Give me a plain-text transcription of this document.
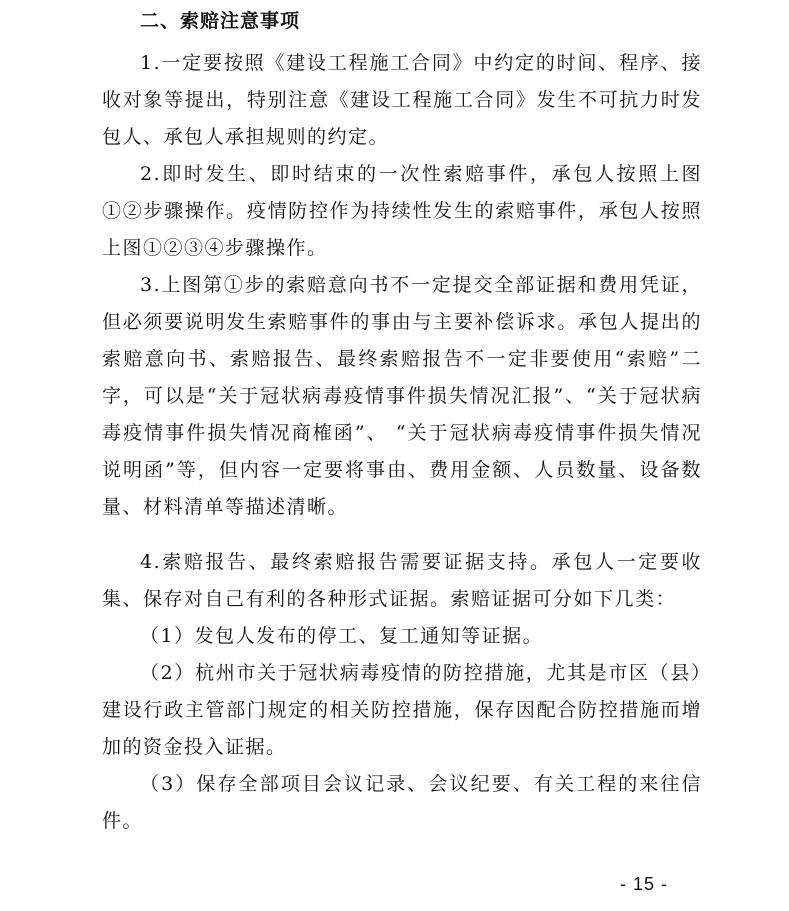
二、索赔注意事项

1.一定要按照《建设工程施工合同》中约定的时间、程序、接收对象等提出，特别注意《建设工程施工合同》发生不可抗力时发包人、承包人承担规则的约定。

2.即时发生、即时结束的一次性索赔事件，承包人按照上图①②步骤操作。疫情防控作为持续性发生的索赔事件，承包人按照上图①②③④步骤操作。

3.上图第①步的索赔意向书不一定提交全部证据和费用凭证，但必须要说明发生索赔事件的事由与主要补偿诉求。承包人提出的索赔意向书、索赔报告、最终索赔报告不一定非要使用“索赔”二字，可以是“关于冠状病毒疫情事件损失情况汇报”、“关于冠状病毒疫情事件损失情况商榷函”、 “关于冠状病毒疫情事件损失情况说明函”等，但内容一定要将事由、费用金额、人员数量、设备数量、材料清单等描述清晰。

4.索赔报告、最终索赔报告需要证据支持。承包人一定要收集、保存对自己有利的各种形式证据。索赔证据可分如下几类：

（1）发包人发布的停工、复工通知等证据。

（2）杭州市关于冠状病毒疫情的防控措施，尤其是市区（县）建设行政主管部门规定的相关防控措施，保存因配合防控措施而增加的资金投入证据。

（3）保存全部项目会议记录、会议纪要、有关工程的来往信件。

- 15 -
